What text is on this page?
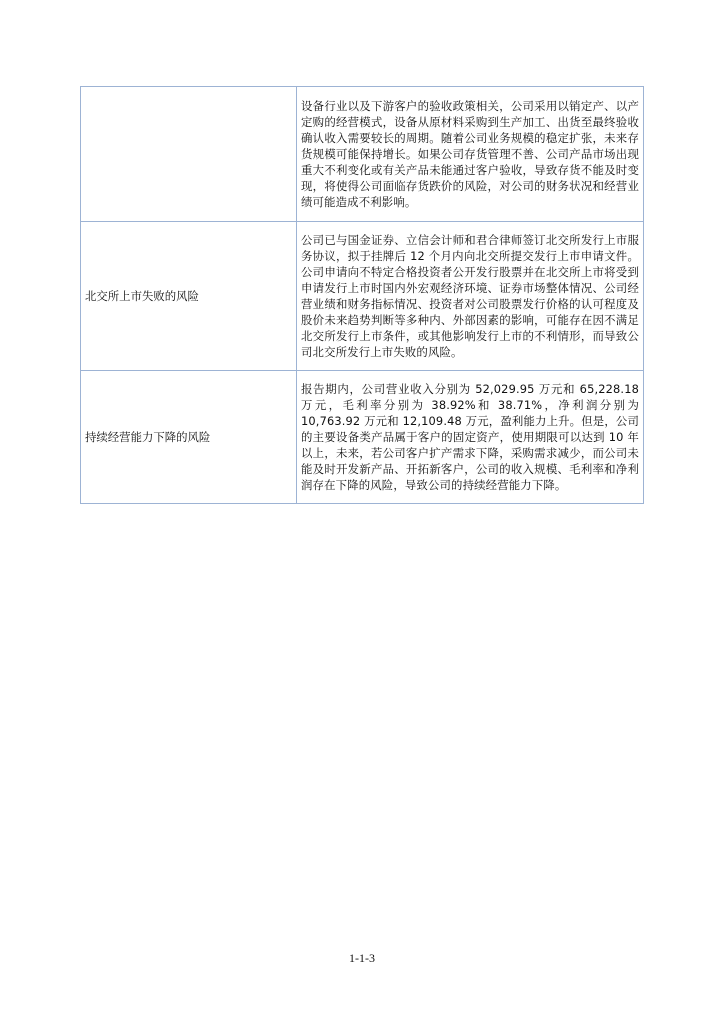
	设备行业以及下游客户的验收政策相关，公司采用以销定产、以产定购的经营模式，设备从原材料采购到生产加工、出货至最终验收确认收入需要较长的周期。随着公司业务规模的稳定扩张，未来存货规模可能保持增长。如果公司存货管理不善、公司产品市场出现重大不利变化或有关产品未能通过客户验收，导致存货不能及时变现，将使得公司面临存货跌价的风险，对公司的财务状况和经营业绩可能造成不利影响。
北交所上市失败的风险	公司已与国金证券、立信会计师和君合律师签订北交所发行上市服务协议，拟于挂牌后 12 个月内向北交所提交发行上市申请文件。公司申请向不特定合格投资者公开发行股票并在北交所上市将受到申请发行上市时国内外宏观经济环境、证券市场整体情况、公司经营业绩和财务指标情况、投资者对公司股票发行价格的认可程度及股价未来趋势判断等多种内、外部因素的影响，可能存在因不满足北交所发行上市条件，或其他影响发行上市的不利情形，而导致公司北交所发行上市失败的风险。
持续经营能力下降的风险	报告期内，公司营业收入分别为 52,029.95 万元和 65,228.18 万元，毛利率分别为 38.92%和 38.71%，净利润分别为 10,763.92 万元和 12,109.48 万元，盈利能力上升。但是，公司的主要设备类产品属于客户的固定资产，使用期限可以达到 10 年以上，未来，若公司客户扩产需求下降，采购需求减少，而公司未能及时开发新产品、开拓新客户，公司的收入规模、毛利率和净利润存在下降的风险，导致公司的持续经营能力下降。
1-1-3
